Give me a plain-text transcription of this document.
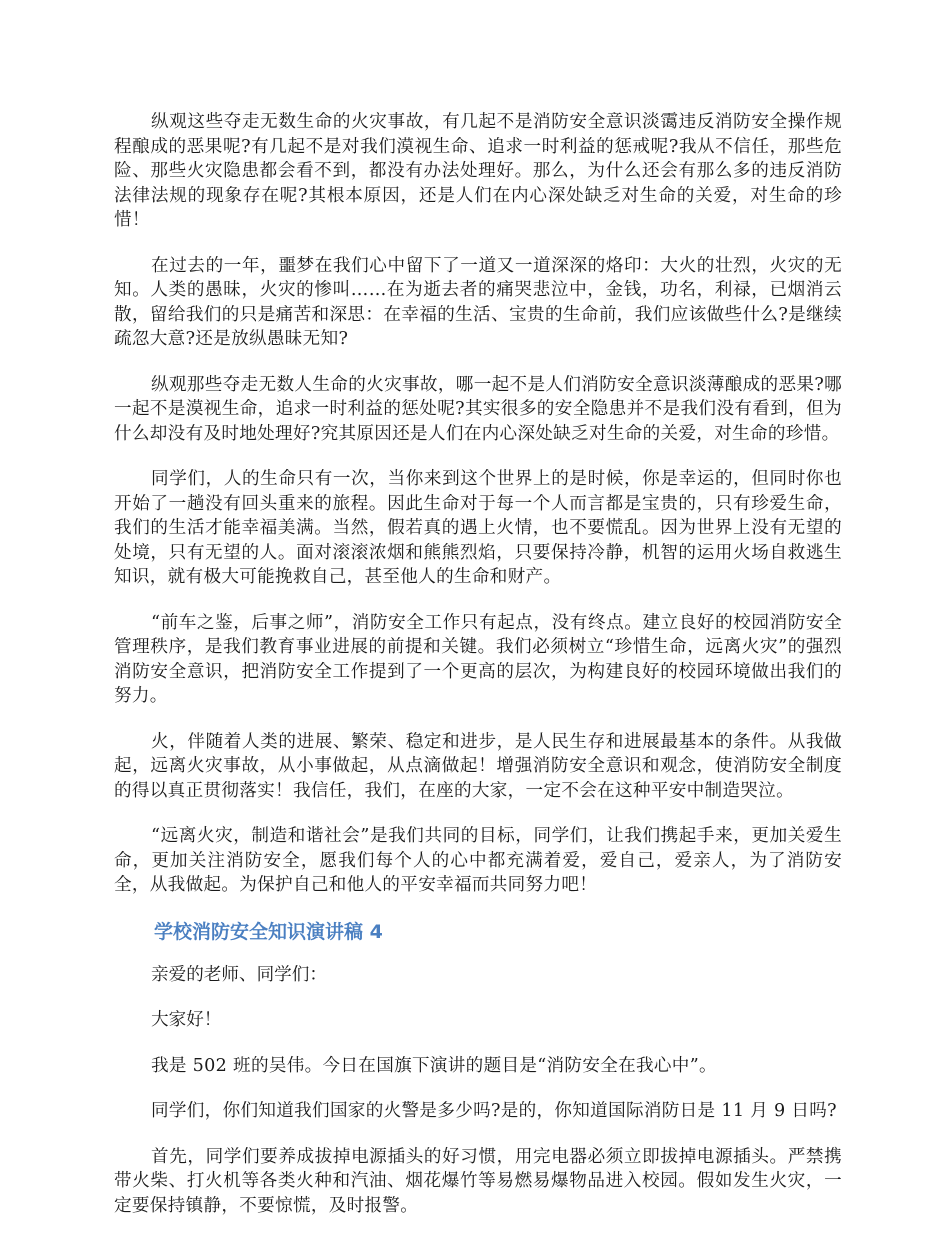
纵观这些夺走无数生命的火灾事故，有几起不是消防安全意识淡霭违反消防安全操作规程酿成的恶果呢?有几起不是对我们漠视生命、追求一时利益的惩戒呢?我从不信任，那些危险、那些火灾隐患都会看不到，都没有办法处理好。那么，为什么还会有那么多的违反消防法律法规的现象存在呢?其根本原因，还是人们在内心深处缺乏对生命的关爱，对生命的珍惜！

在过去的一年，噩梦在我们心中留下了一道又一道深深的烙印：大火的壮烈，火灾的无知。人类的愚昧，火灾的惨叫……在为逝去者的痛哭悲泣中，金钱，功名，利禄，已烟消云散，留给我们的只是痛苦和深思：在幸福的生活、宝贵的生命前，我们应该做些什么?是继续疏忽大意?还是放纵愚昧无知?

纵观那些夺走无数人生命的火灾事故，哪一起不是人们消防安全意识淡薄酿成的恶果?哪一起不是漠视生命，追求一时利益的惩处呢?其实很多的安全隐患并不是我们没有看到，但为什么却没有及时地处理好?究其原因还是人们在内心深处缺乏对生命的关爱，对生命的珍惜。

同学们，人的生命只有一次，当你来到这个世界上的是时候，你是幸运的，但同时你也开始了一趟没有回头重来的旅程。因此生命对于每一个人而言都是宝贵的，只有珍爱生命，我们的生活才能幸福美满。当然，假若真的遇上火情，也不要慌乱。因为世界上没有无望的处境，只有无望的人。面对滚滚浓烟和熊熊烈焰，只要保持冷静，机智的运用火场自救逃生知识，就有极大可能挽救自己，甚至他人的生命和财产。

“前车之鉴，后事之师”，消防安全工作只有起点，没有终点。建立良好的校园消防安全管理秩序，是我们教育事业进展的前提和关键。我们必须树立“珍惜生命，远离火灾”的强烈消防安全意识，把消防安全工作提到了一个更高的层次，为构建良好的校园环境做出我们的努力。

火，伴随着人类的进展、繁荣、稳定和进步，是人民生存和进展最基本的条件。从我做起，远离火灾事故，从小事做起，从点滴做起！增强消防安全意识和观念，使消防安全制度的得以真正贯彻落实！我信任，我们，在座的大家，一定不会在这种平安中制造哭泣。

“远离火灾，制造和谐社会”是我们共同的目标，同学们，让我们携起手来，更加关爱生命，更加关注消防安全，愿我们每个人的心中都充满着爱，爱自己，爱亲人，为了消防安全，从我做起。为保护自己和他人的平安幸福而共同努力吧！

学校消防安全知识演讲稿 4

亲爱的老师、同学们：

大家好！

我是 502 班的吴伟。今日在国旗下演讲的题目是“消防安全在我心中”。

同学们，你们知道我们国家的火警是多少吗?是的，你知道国际消防日是 11 月 9 日吗?

首先，同学们要养成拔掉电源插头的好习惯，用完电器必须立即拔掉电源插头。严禁携带火柴、打火机等各类火种和汽油、烟花爆竹等易燃易爆物品进入校园。假如发生火灾，一定要保持镇静，不要惊慌，及时报警。
